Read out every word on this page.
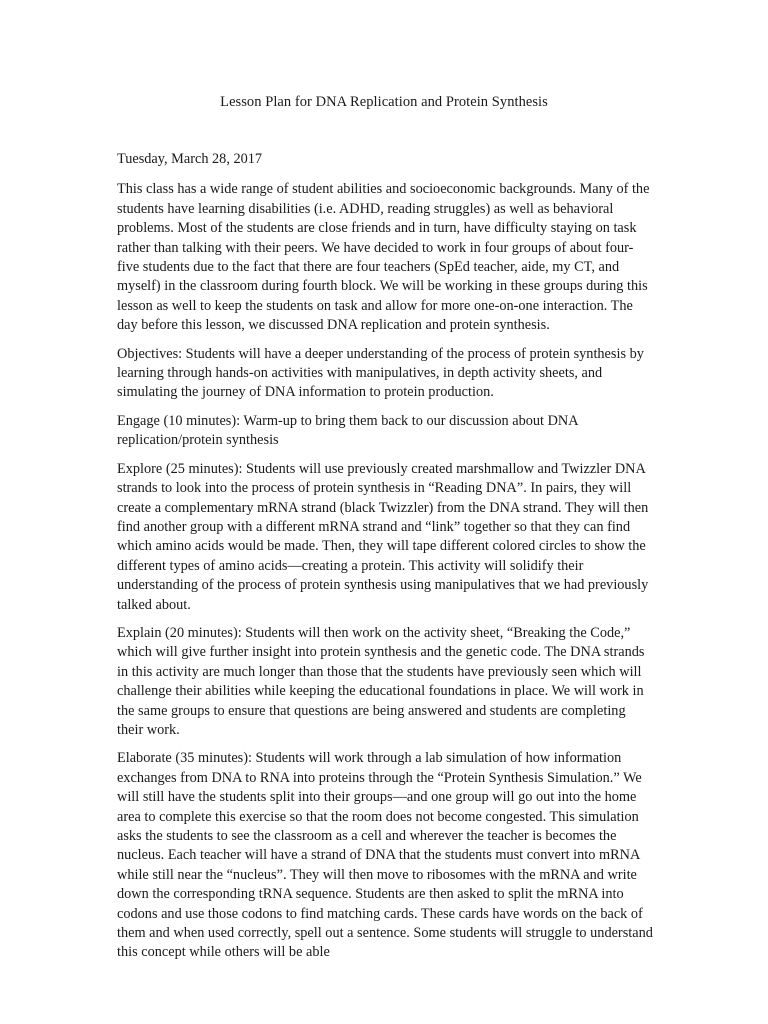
Lesson Plan for DNA Replication and Protein Synthesis

Tuesday, March 28, 2017

This class has a wide range of student abilities and socioeconomic backgrounds. Many of the students have learning disabilities (i.e. ADHD, reading struggles) as well as behavioral problems. Most of the students are close friends and in turn, have difficulty staying on task rather than talking with their peers. We have decided to work in four groups of about four-five students due to the fact that there are four teachers (SpEd teacher, aide, my CT, and myself) in the classroom during fourth block. We will be working in these groups during this lesson as well to keep the students on task and allow for more one-on-one interaction. The day before this lesson, we discussed DNA replication and protein synthesis.

Objectives: Students will have a deeper understanding of the process of protein synthesis by learning through hands-on activities with manipulatives, in depth activity sheets, and simulating the journey of DNA information to protein production.

Engage (10 minutes): Warm-up to bring them back to our discussion about DNA replication/protein synthesis

Explore (25 minutes): Students will use previously created marshmallow and Twizzler DNA strands to look into the process of protein synthesis in “Reading DNA”. In pairs, they will create a complementary mRNA strand (black Twizzler) from the DNA strand. They will then find another group with a different mRNA strand and “link” together so that they can find which amino acids would be made. Then, they will tape different colored circles to show the different types of amino acids—creating a protein. This activity will solidify their understanding of the process of protein synthesis using manipulatives that we had previously talked about.

Explain (20 minutes): Students will then work on the activity sheet, “Breaking the Code,” which will give further insight into protein synthesis and the genetic code. The DNA strands in this activity are much longer than those that the students have previously seen which will challenge their abilities while keeping the educational foundations in place. We will work in the same groups to ensure that questions are being answered and students are completing their work.

Elaborate (35 minutes): Students will work through a lab simulation of how information exchanges from DNA to RNA into proteins through the “Protein Synthesis Simulation.” We will still have the students split into their groups—and one group will go out into the home area to complete this exercise so that the room does not become congested. This simulation asks the students to see the classroom as a cell and wherever the teacher is becomes the nucleus. Each teacher will have a strand of DNA that the students must convert into mRNA while still near the “nucleus”. They will then move to ribosomes with the mRNA and write down the corresponding tRNA sequence. Students are then asked to split the mRNA into codons and use those codons to find matching cards. These cards have words on the back of them and when used correctly, spell out a sentence. Some students will struggle to understand this concept while others will be able
